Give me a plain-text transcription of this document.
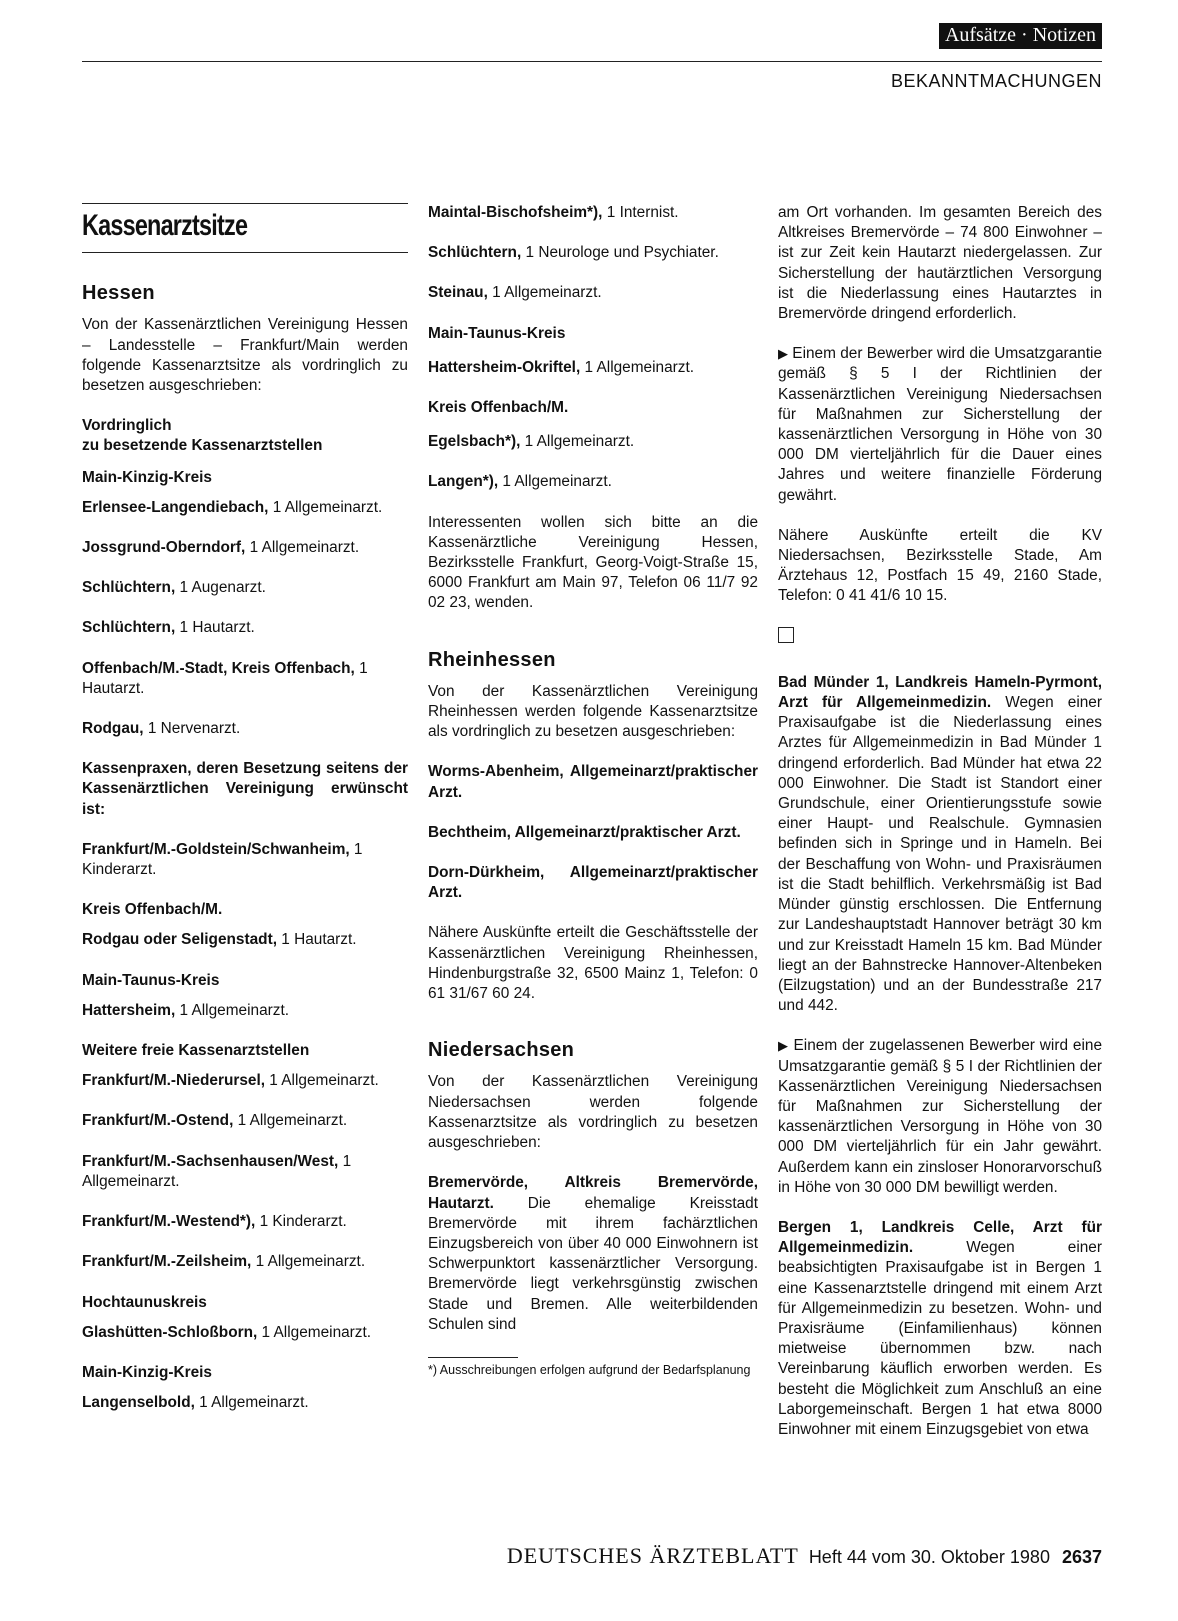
Aufsätze · Notizen
BEKANNTMACHUNGEN
Kassenarztsitze
Hessen

Von der Kassenärztlichen Vereinigung Hessen – Landesstelle – Frankfurt/Main werden folgende Kassenarztsitze als vordringlich zu besetzen ausgeschrieben:

Vordringlich
zu besetzende Kassenarztstellen

Main-Kinzig-Kreis

Erlensee-Langendiebach, 1 Allgemeinarzt.

Jossgrund-Oberndorf, 1 Allgemeinarzt.

Schlüchtern, 1 Augenarzt.

Schlüchtern, 1 Hautarzt.

Offenbach/M.-Stadt, Kreis Offenbach, 1 Hautarzt.

Rodgau, 1 Nervenarzt.

Kassenpraxen, deren Besetzung seitens der Kassenärztlichen Vereinigung erwünscht ist:

Frankfurt/M.-Goldstein/Schwanheim, 1 Kinderarzt.

Kreis Offenbach/M.

Rodgau oder Seligenstadt, 1 Hautarzt.

Main-Taunus-Kreis

Hattersheim, 1 Allgemeinarzt.

Weitere freie Kassenarztstellen

Frankfurt/M.-Niederursel, 1 Allgemeinarzt.

Frankfurt/M.-Ostend, 1 Allgemeinarzt.

Frankfurt/M.-Sachsenhausen/West, 1 Allgemeinarzt.

Frankfurt/M.-Westend*), 1 Kinderarzt.

Frankfurt/M.-Zeilsheim, 1 Allgemeinarzt.

Hochtaunuskreis

Glashütten-Schloßborn, 1 Allgemeinarzt.

Main-Kinzig-Kreis

Langenselbold, 1 Allgemeinarzt.

Maintal-Bischofsheim*), 1 Internist.

Schlüchtern, 1 Neurologe und Psychiater.

Steinau, 1 Allgemeinarzt.

Main-Taunus-Kreis

Hattersheim-Okriftel, 1 Allgemeinarzt.

Kreis Offenbach/M.

Egelsbach*), 1 Allgemeinarzt.

Langen*), 1 Allgemeinarzt.

Interessenten wollen sich bitte an die Kassenärztliche Vereinigung Hessen, Bezirksstelle Frankfurt, Georg-Voigt-Straße 15, 6000 Frankfurt am Main 97, Telefon 06 11/7 92 02 23, wenden.

Rheinhessen

Von der Kassenärztlichen Vereinigung Rheinhessen werden folgende Kassenarztsitze als vordringlich zu besetzen ausgeschrieben:

Worms-Abenheim, Allgemeinarzt/praktischer Arzt.

Bechtheim, Allgemeinarzt/praktischer Arzt.

Dorn-Dürkheim, Allgemeinarzt/praktischer Arzt.

Nähere Auskünfte erteilt die Geschäftsstelle der Kassenärztlichen Vereinigung Rheinhessen, Hindenburgstraße 32, 6500 Mainz 1, Telefon: 0 61 31/67 60 24.

Niedersachsen

Von der Kassenärztlichen Vereinigung Niedersachsen werden folgende Kassenarztsitze als vordringlich zu besetzen ausgeschrieben:

Bremervörde, Altkreis Bremervörde, Hautarzt. Die ehemalige Kreisstadt Bremervörde mit ihrem fachärztlichen Einzugsbereich von über 40 000 Einwohnern ist Schwerpunktort kassenärztlicher Versorgung. Bremervörde liegt verkehrsgünstig zwischen Stade und Bremen. Alle weiterbildenden Schulen sind

*) Ausschreibungen erfolgen aufgrund der Bedarfsplanung

am Ort vorhanden. Im gesamten Bereich des Altkreises Bremervörde – 74 800 Einwohner – ist zur Zeit kein Hautarzt niedergelassen. Zur Sicherstellung der hautärztlichen Versorgung ist die Niederlassung eines Hautarztes in Bremervörde dringend erforderlich.

▶ Einem der Bewerber wird die Umsatzgarantie gemäß § 5 I der Richtlinien der Kassenärztlichen Vereinigung Niedersachsen für Maßnahmen zur Sicherstellung der kassenärztlichen Versorgung in Höhe von 30 000 DM vierteljährlich für die Dauer eines Jahres und weitere finanzielle Förderung gewährt.

Nähere Auskünfte erteilt die KV Niedersachsen, Bezirksstelle Stade, Am Ärztehaus 12, Postfach 15 49, 2160 Stade, Telefon: 0 41 41/6 10 15.

Bad Münder 1, Landkreis Hameln-Pyrmont, Arzt für Allgemeinmedizin. Wegen einer Praxisaufgabe ist die Niederlassung eines Arztes für Allgemeinmedizin in Bad Münder 1 dringend erforderlich. Bad Münder hat etwa 22 000 Einwohner. Die Stadt ist Standort einer Grundschule, einer Orientierungsstufe sowie einer Haupt- und Realschule. Gymnasien befinden sich in Springe und in Hameln. Bei der Beschaffung von Wohn- und Praxisräumen ist die Stadt behilflich. Verkehrsmäßig ist Bad Münder günstig erschlossen. Die Entfernung zur Landeshauptstadt Hannover beträgt 30 km und zur Kreisstadt Hameln 15 km. Bad Münder liegt an der Bahnstrecke Hannover-Altenbeken (Eilzugstation) und an der Bundesstraße 217 und 442.

▶ Einem der zugelassenen Bewerber wird eine Umsatzgarantie gemäß § 5 I der Richtlinien der Kassenärztlichen Vereinigung Niedersachsen für Maßnahmen zur Sicherstellung der kassenärztlichen Versorgung in Höhe von 30 000 DM vierteljährlich für ein Jahr gewährt. Außerdem kann ein zinsloser Honorarvorschuß in Höhe von 30 000 DM bewilligt werden.

Bergen 1, Landkreis Celle, Arzt für Allgemeinmedizin. Wegen einer beabsichtigten Praxisaufgabe ist in Bergen 1 eine Kassenarztstelle dringend mit einem Arzt für Allgemeinmedizin zu besetzen. Wohn- und Praxisräume (Einfamilienhaus) können mietweise übernommen bzw. nach Vereinbarung käuflich erworben werden. Es besteht die Möglichkeit zum Anschluß an eine Laborgemeinschaft. Bergen 1 hat etwa 8000 Einwohner mit einem Einzugsgebiet von etwa

DEUTSCHES ÄRZTEBLATT Heft 44 vom 30. Oktober 1980 2637
